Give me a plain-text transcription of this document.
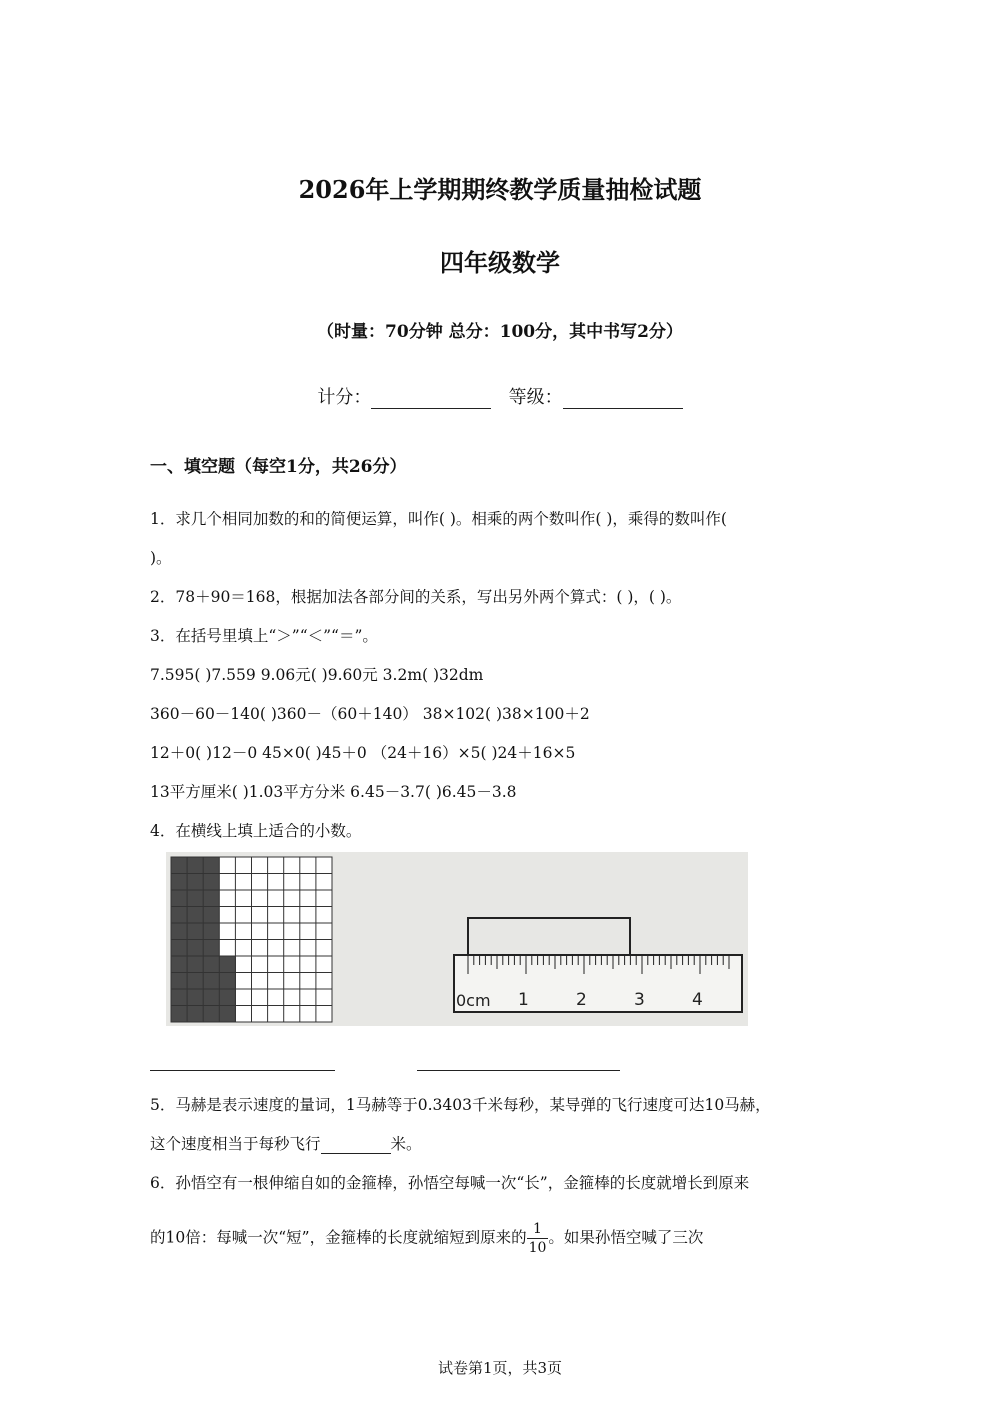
2026年上学期期终教学质量抽检试题
四年级数学
（时量：70分钟 总分：100分，其中书写2分）
计分：	等级：
一、填空题（每空1分，共26分）
1．求几个相同加数的和的简便运算，叫作( )。相乘的两个数叫作( )，乘得的数叫作(
)。
2．78＋90＝168，根据加法各部分间的关系，写出另外两个算式：( )，( )。
3．在括号里填上“＞”“＜”“＝”。
7.595( )7.559 9.06元( )9.60元 3.2m( )32dm
360－60－140( )360－（60＋140） 38×102( )38×100＋2
12＋0( )12－0 45×0( )45＋0 （24＋16）×5( )24＋16×5
13平方厘米( )1.03平方分米 6.45－3.7( )6.45－3.8
4．在横线上填上适合的小数。
0cm 1	2	3	4
5．马赫是表示速度的量词，1马赫等于0.3403千米每秒，某导弹的飞行速度可达10马赫，
这个速度相当于每秒飞行	米。
6．孙悟空有一根伸缩自如的金箍棒，孙悟空每喊一次“长”，金箍棒的长度就增长到原来
的10倍：每喊一次“短”，金箍棒的长度就缩短到原来的 $\frac{1}{10}$ 。如果孙悟空喊了三次
试卷第1页，共3页
